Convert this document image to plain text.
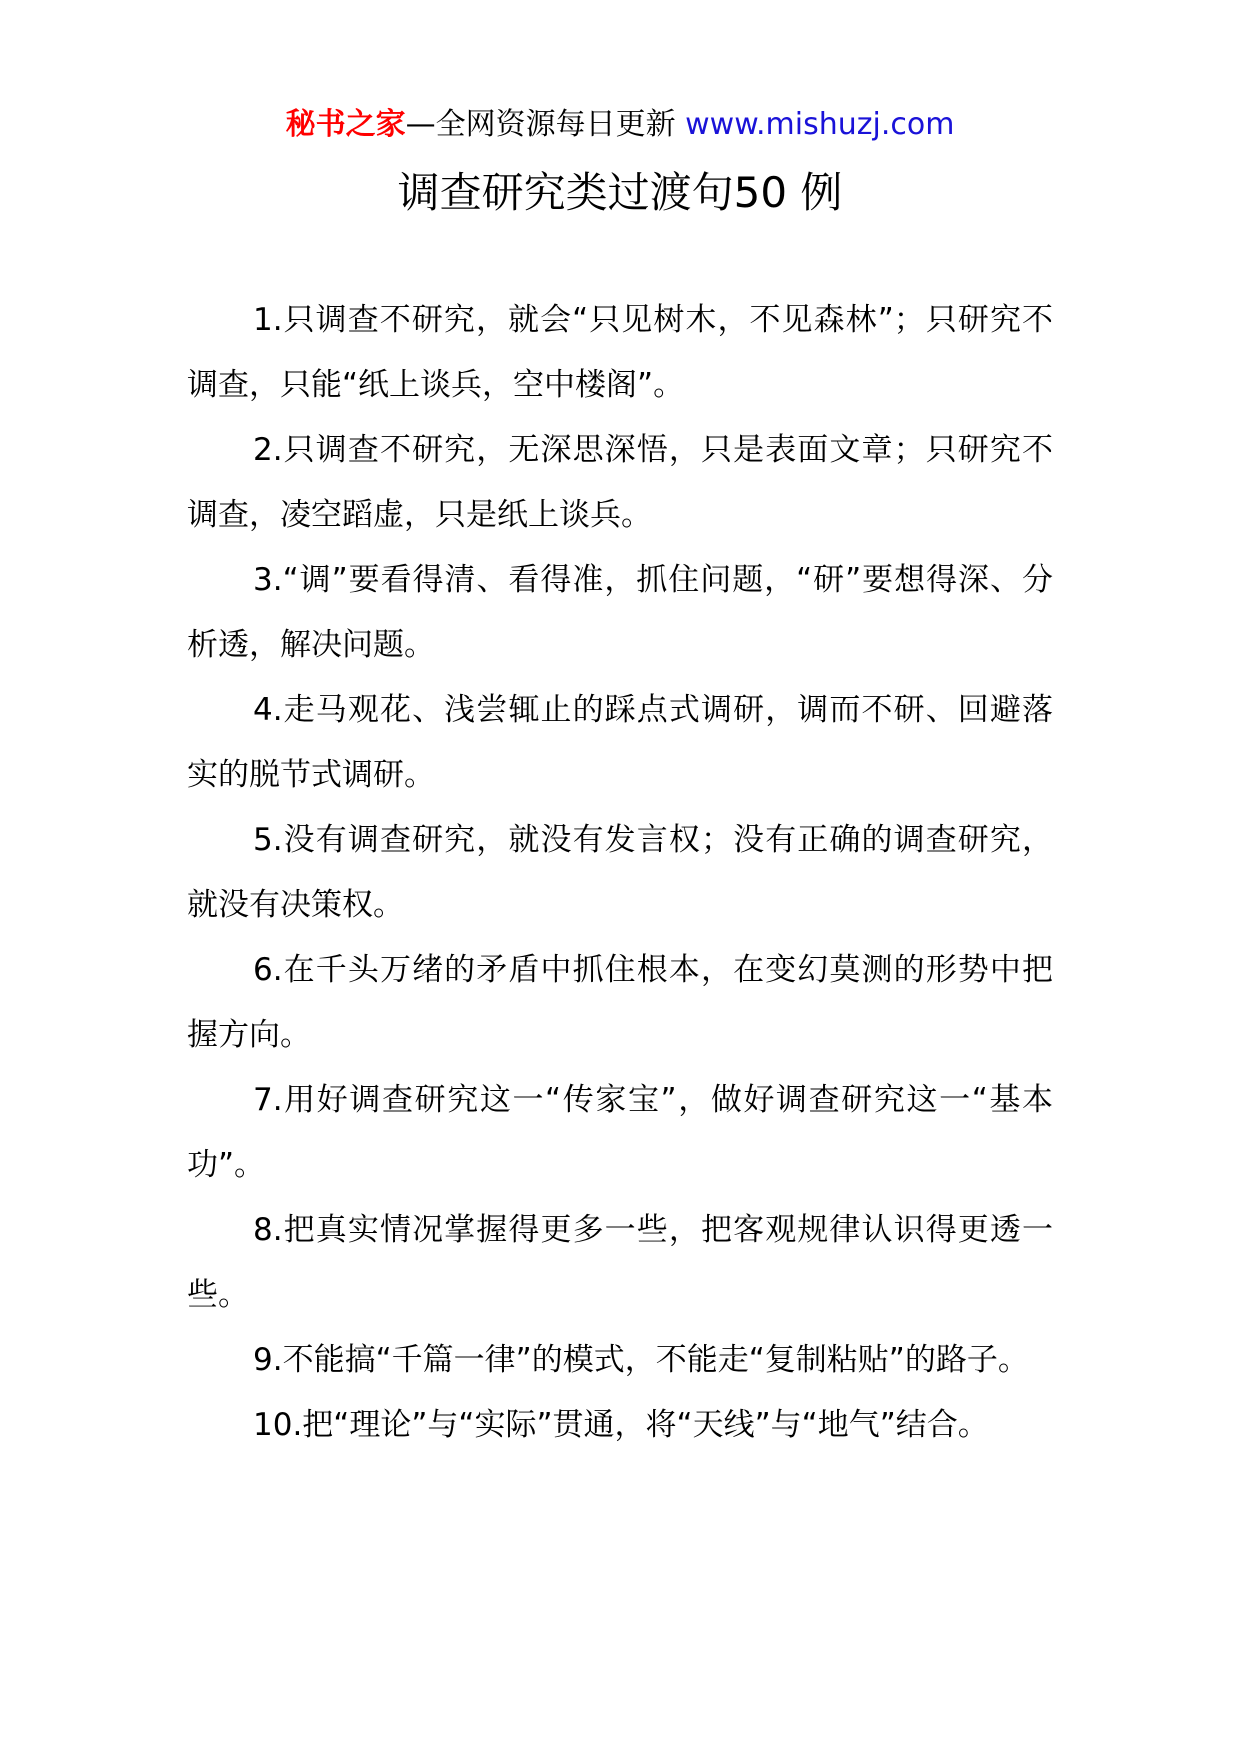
秘书之家—全网资源每日更新 www.mishuzj.com
调查研究类过渡句50 例

1.只调查不研究，就会“只见树木，不见森林”；只研究不调查，只能“纸上谈兵，空中楼阁”。

2.只调查不研究，无深思深悟，只是表面文章；只研究不调查，凌空蹈虚，只是纸上谈兵。

3.“调”要看得清、看得准，抓住问题，“研”要想得深、分析透，解决问题。

4.走马观花、浅尝辄止的踩点式调研，调而不研、回避落实的脱节式调研。

5.没有调查研究，就没有发言权；没有正确的调查研究，就没有决策权。

6.在千头万绪的矛盾中抓住根本，在变幻莫测的形势中把握方向。

7.用好调查研究这一“传家宝”，做好调查研究这一“基本功”。

8.把真实情况掌握得更多一些，把客观规律认识得更透一些。

9.不能搞“千篇一律”的模式，不能走“复制粘贴”的路子。

10.把“理论”与“实际”贯通，将“天线”与“地气”结合。
